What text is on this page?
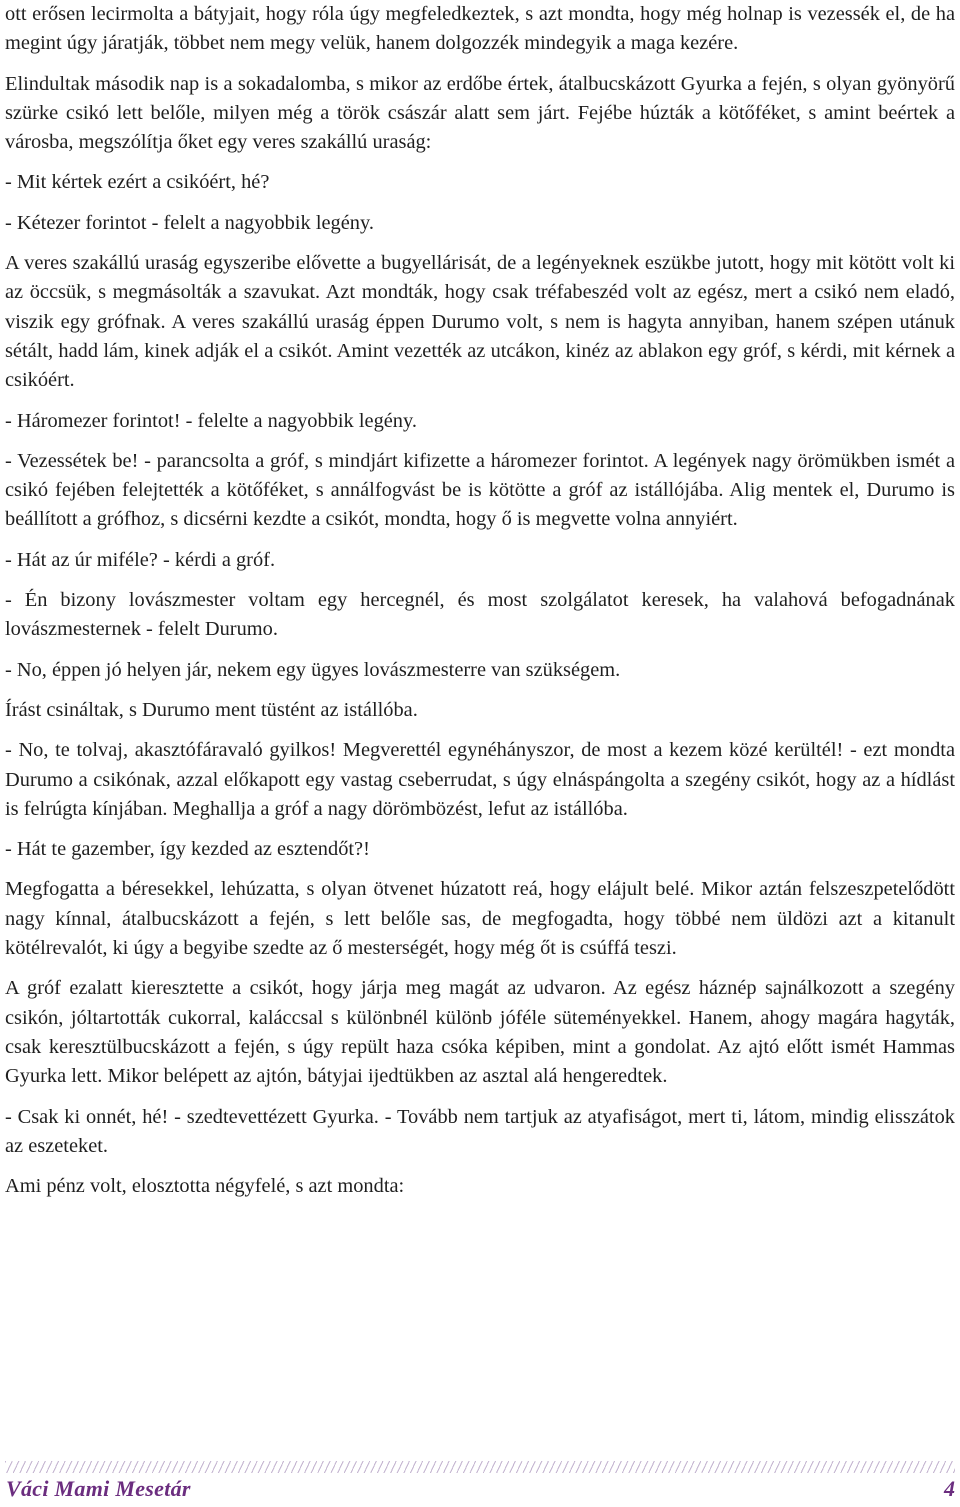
ott erősen lecirmolta a bátyjait, hogy róla úgy megfeledkeztek, s azt mondta, hogy még holnap is vezessék el, de ha megint úgy járatják, többet nem megy velük, hanem dolgozzék mindegyik a maga kezére.

Elindultak második nap is a sokadalomba, s mikor az erdőbe értek, átalbucskázott Gyurka a fején, s olyan gyönyörű szürke csikó lett belőle, milyen még a török császár alatt sem járt. Fejébe húzták a kötőféket, s amint beértek a városba, megszólítja őket egy veres szakállú uraság:

- Mit kértek ezért a csikóért, hé?

- Kétezer forintot - felelt a nagyobbik legény.

A veres szakállú uraság egyszeribe elővette a bugyellárisát, de a legényeknek eszükbe jutott, hogy mit kötött volt ki az öccsük, s megmásolták a szavukat. Azt mondták, hogy csak tréfabeszéd volt az egész, mert a csikó nem eladó, viszik egy grófnak. A veres szakállú uraság éppen Durumo volt, s nem is hagyta annyiban, hanem szépen utánuk sétált, hadd lám, kinek adják el a csikót. Amint vezették az utcákon, kinéz az ablakon egy gróf, s kérdi, mit kérnek a csikóért.

- Háromezer forintot! - felelte a nagyobbik legény.

- Vezessétek be! - parancsolta a gróf, s mindjárt kifizette a háromezer forintot. A legények nagy örömükben ismét a csikó fejében felejtették a kötőféket, s annálfogvást be is kötötte a gróf az istállójába. Alig mentek el, Durumo is beállított a grófhoz, s dicsérni kezdte a csikót, mondta, hogy ő is megvette volna annyiért.

- Hát az úr miféle? - kérdi a gróf.

- Én bizony lovászmester voltam egy hercegnél, és most szolgálatot keresek, ha valahová befogadnának lovászmesternek - felelt Durumo.

- No, éppen jó helyen jár, nekem egy ügyes lovászmesterre van szükségem.

Írást csináltak, s Durumo ment tüstént az istállóba.

- No, te tolvaj, akasztófáravaló gyilkos! Megverettél egynéhányszor, de most a kezem közé kerültél! - ezt mondta Durumo a csikónak, azzal előkapott egy vastag cseberrudat, s úgy elnáspángolta a szegény csikót, hogy az a hídlást is felrúgta kínjában. Meghallja a gróf a nagy dörömbözést, lefut az istállóba.

- Hát te gazember, így kezded az esztendőt?!

Megfogatta a béresekkel, lehúzatta, s olyan ötvenet húzatott reá, hogy elájult belé. Mikor aztán felszeszpetelődött nagy kínnal, átalbucskázott a fején, s lett belőle sas, de megfogadta, hogy többé nem üldözi azt a kitanult kötélrevalót, ki úgy a begyibe szedte az ő mesterségét, hogy még őt is csúffá teszi.

A gróf ezalatt kieresztette a csikót, hogy járja meg magát az udvaron. Az egész háznép sajnálkozott a szegény csikón, jóltartották cukorral, kaláccsal s különbnél különb jóféle süteményekkel. Hanem, ahogy magára hagyták, csak keresztülbucskázott a fején, s úgy repült haza csóka képiben, mint a gondolat. Az ajtó előtt ismét Hammas Gyurka lett. Mikor belépett az ajtón, bátyjai ijedtükben az asztal alá hengeredtek.

- Csak ki onnét, hé! - szedtevettézett Gyurka. - Tovább nem tartjuk az atyafiságot, mert ti, látom, mindig elisszátok az eszeteket.

Ami pénz volt, elosztotta négyfelé, s azt mondta:

Váci Mami Mesetár	4
